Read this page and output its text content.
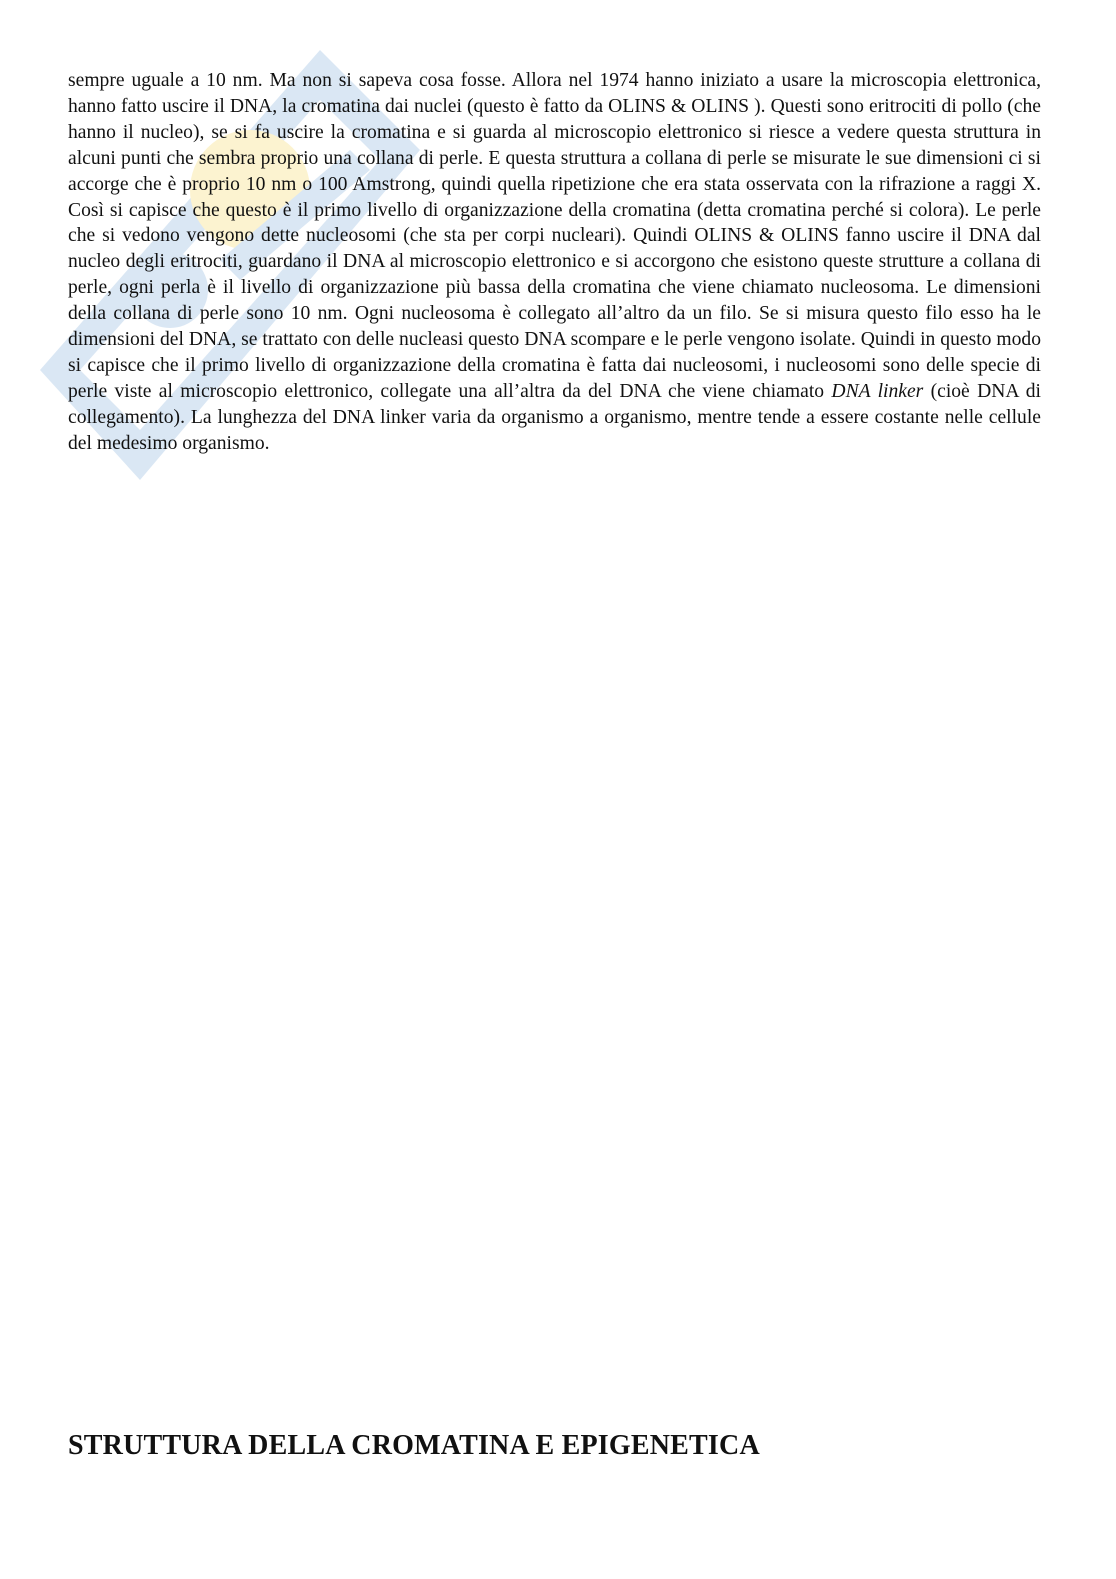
sempre uguale a 10 nm. Ma non si sapeva cosa fosse. Allora nel 1974 hanno iniziato a usare la microscopia elettronica, hanno fatto uscire il DNA, la cromatina dai nuclei (questo è fatto da OLINS & OLINS ). Questi sono eritrociti di pollo (che hanno il nucleo), se si fa uscire la cromatina e si guarda al microscopio elettronico si riesce a vedere questa struttura in alcuni punti che sembra proprio una collana di perle. E questa struttura a collana di perle se misurate le sue dimensioni ci si accorge che è proprio 10 nm o 100 Amstrong, quindi quella ripetizione che era stata osservata con la rifrazione a raggi X. Così si capisce che questo è il primo livello di organizzazione della cromatina (detta cromatina perché si colora). Le perle che si vedono vengono dette nucleosomi (che sta per corpi nucleari). Quindi OLINS & OLINS fanno uscire il DNA dal nucleo degli eritrociti, guardano il DNA al microscopio elettronico e si accorgono che esistono queste strutture a collana di perle, ogni perla è il livello di organizzazione più bassa della cromatina che viene chiamato nucleosoma. Le dimensioni della collana di perle sono 10 nm. Ogni nucleosoma è collegato all’altro da un filo. Se si misura questo filo esso ha le dimensioni del DNA, se trattato con delle nucleasi questo DNA scompare e le perle vengono isolate. Quindi in questo modo si capisce che il primo livello di organizzazione della cromatina è fatta dai nucleosomi, i nucleosomi sono delle specie di perle viste al microscopio elettronico, collegate una all’altra da del DNA che viene chiamato DNA linker (cioè DNA di collegamento). La lunghezza del DNA linker varia da organismo a organismo, mentre tende a essere costante nelle cellule del medesimo organismo.

STRUTTURA DELLA CROMATINA E EPIGENETICA
